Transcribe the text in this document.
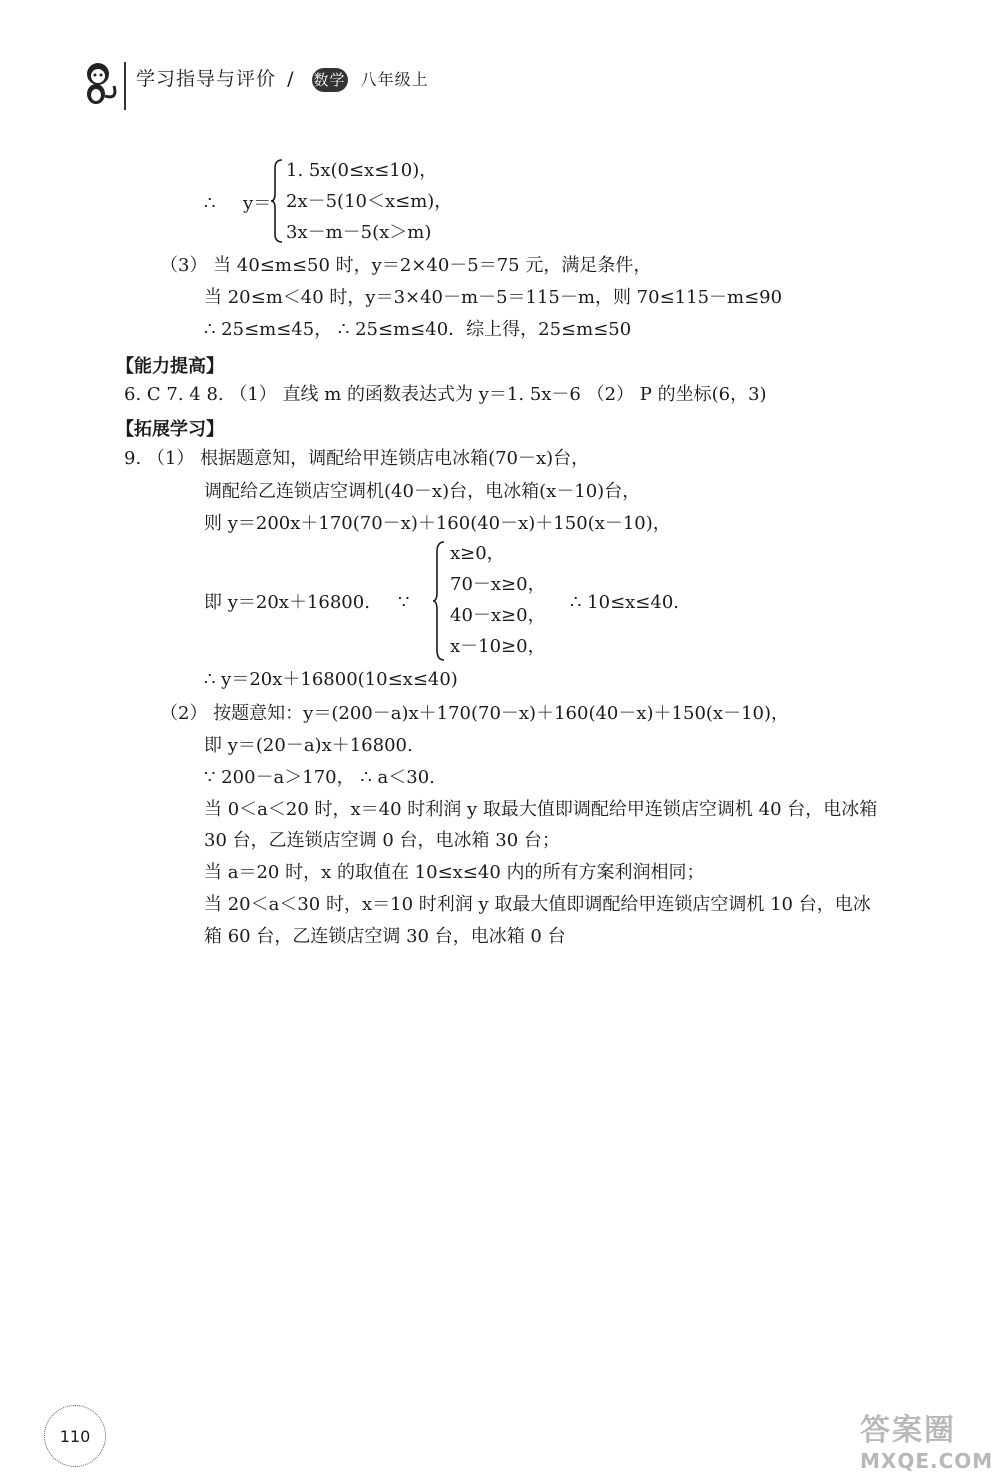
学习指导与评价 / 数学 八年级上
∴ y＝
1. 5x(0≤x≤10)，
2x－5(10＜x≤m)，
3x－m－5(x＞m)
（3） 当 40≤m≤50 时，y＝2×40－5＝75 元，满足条件，
当 20≤m＜40 时，y＝3×40－m－5＝115－m，则 70≤115－m≤90
∴ 25≤m≤45， ∴ 25≤m≤40．综上得，25≤m≤50
【能力提高】
6. C 7. 4 8. （1） 直线 m 的函数表达式为 y＝1. 5x－6 （2） P 的坐标(6，3)
【拓展学习】
9. （1） 根据题意知，调配给甲连锁店电冰箱(70－x)台，
调配给乙连锁店空调机(40－x)台，电冰箱(x－10)台，
则 y＝200x＋170(70－x)＋160(40－x)＋150(x－10)，
即 y＝20x＋16800. ∵
x≥0，
70－x≥0，
40－x≥0，
x－10≥0，
∴ 10≤x≤40.
∴ y＝20x＋16800(10≤x≤40)
（2） 按题意知：y＝(200－a)x＋170(70－x)＋160(40－x)＋150(x－10)，
即 y＝(20－a)x＋16800.
∵ 200－a＞170， ∴ a＜30.
当 0＜a＜20 时，x＝40 时利润 y 取最大值即调配给甲连锁店空调机 40 台，电冰箱
30 台，乙连锁店空调 0 台，电冰箱 30 台；
当 a＝20 时，x 的取值在 10≤x≤40 内的所有方案利润相同；
当 20＜a＜30 时，x＝10 时利润 y 取最大值即调配给甲连锁店空调机 10 台，电冰
箱 60 台，乙连锁店空调 30 台，电冰箱 0 台
110	答案圈
MXQE.COM
